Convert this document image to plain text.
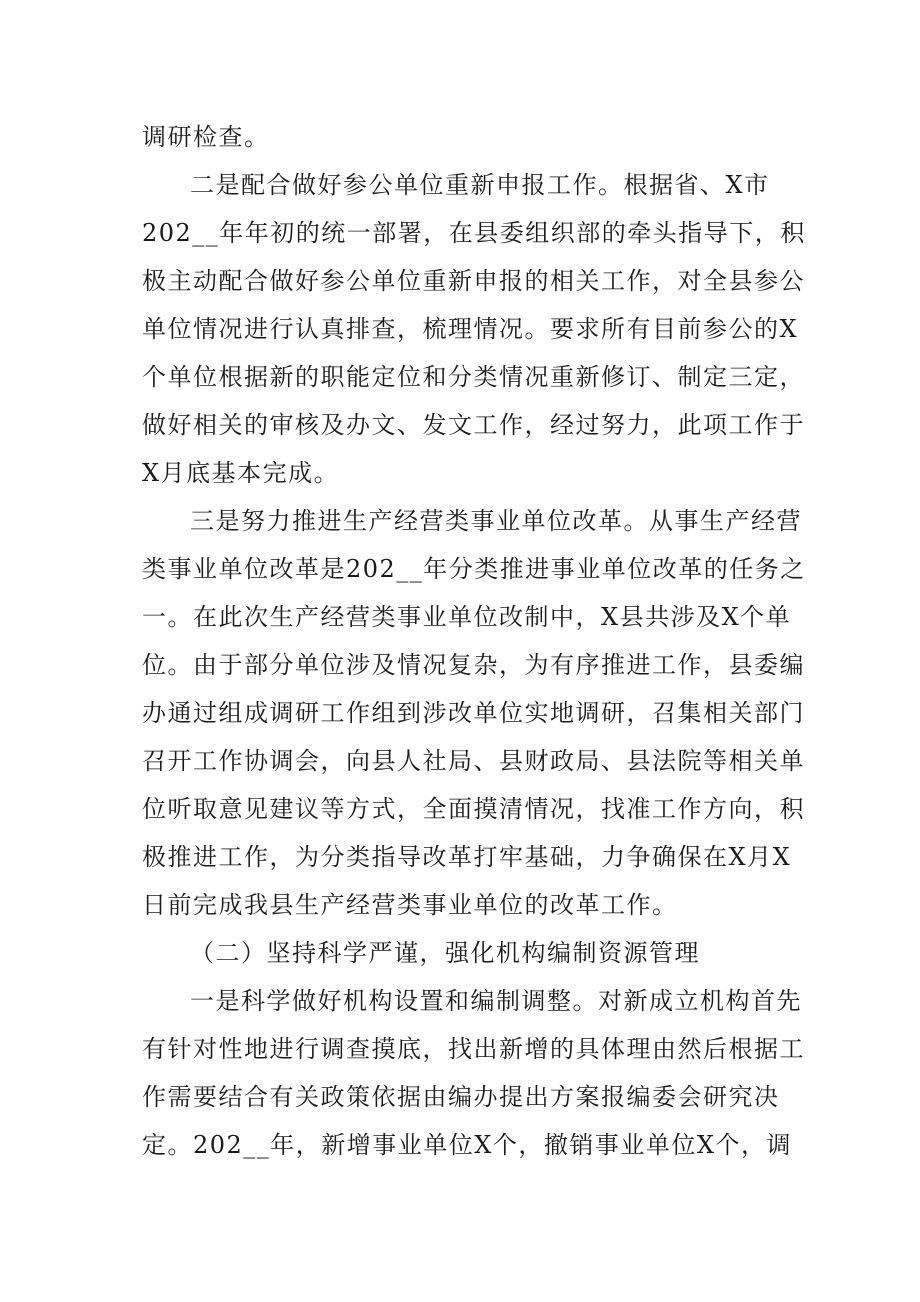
调研检查。
二是配合做好参公单位重新申报工作。根据省、X市
202__年年初的统一部署，在县委组织部的牵头指导下，积
极主动配合做好参公单位重新申报的相关工作，对全县参公
单位情况进行认真排查，梳理情况。要求所有目前参公的X
个单位根据新的职能定位和分类情况重新修订、制定三定，
做好相关的审核及办文、发文工作，经过努力，此项工作于
X月底基本完成。
三是努力推进生产经营类事业单位改革。从事生产经营
类事业单位改革是202__年分类推进事业单位改革的任务之
一。在此次生产经营类事业单位改制中，X县共涉及X个单
位。由于部分单位涉及情况复杂，为有序推进工作，县委编
办通过组成调研工作组到涉改单位实地调研，召集相关部门
召开工作协调会，向县人社局、县财政局、县法院等相关单
位听取意见建议等方式，全面摸清情况，找准工作方向，积
极推进工作，为分类指导改革打牢基础，力争确保在X月X
日前完成我县生产经营类事业单位的改革工作。
（二）坚持科学严谨，强化机构编制资源管理
一是科学做好机构设置和编制调整。对新成立机构首先
有针对性地进行调查摸底，找出新增的具体理由然后根据工
作需要结合有关政策依据由编办提出方案报编委会研究决
定。202__年，新增事业单位X个，撤销事业单位X个，调
